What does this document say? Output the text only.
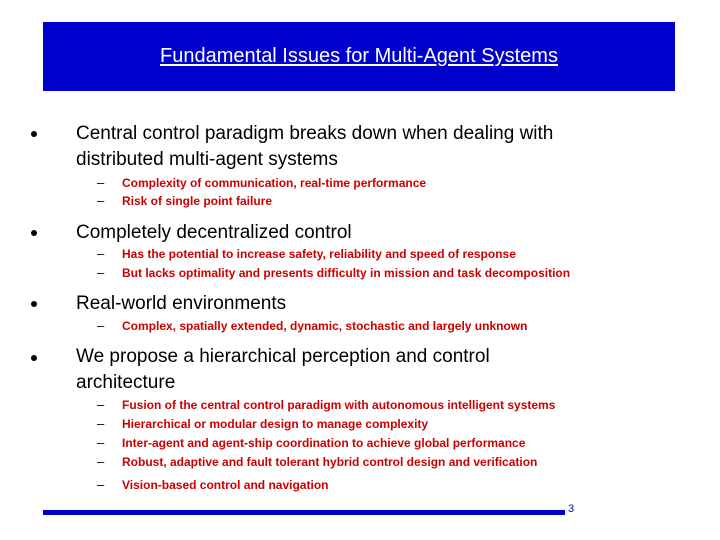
Fundamental Issues for Multi-Agent Systems
Central control paradigm breaks down when dealing with
distributed multi-agent systems
– Complexity of communication, real-time performance
– Risk of single point failure
Completely decentralized control
– Has the potential to increase safety, reliability and speed of response
– But lacks optimality and presents difficulty in mission and task decomposition
Real-world environments
– Complex, spatially extended, dynamic, stochastic and largely unknown
We propose a hierarchical perception and control
architecture
– Fusion of the central control paradigm with autonomous intelligent systems
– Hierarchical or modular design to manage complexity
– Inter-agent and agent-ship coordination to achieve global performance
– Robust, adaptive and fault tolerant hybrid control design and verification
– Vision-based control and navigation
3
